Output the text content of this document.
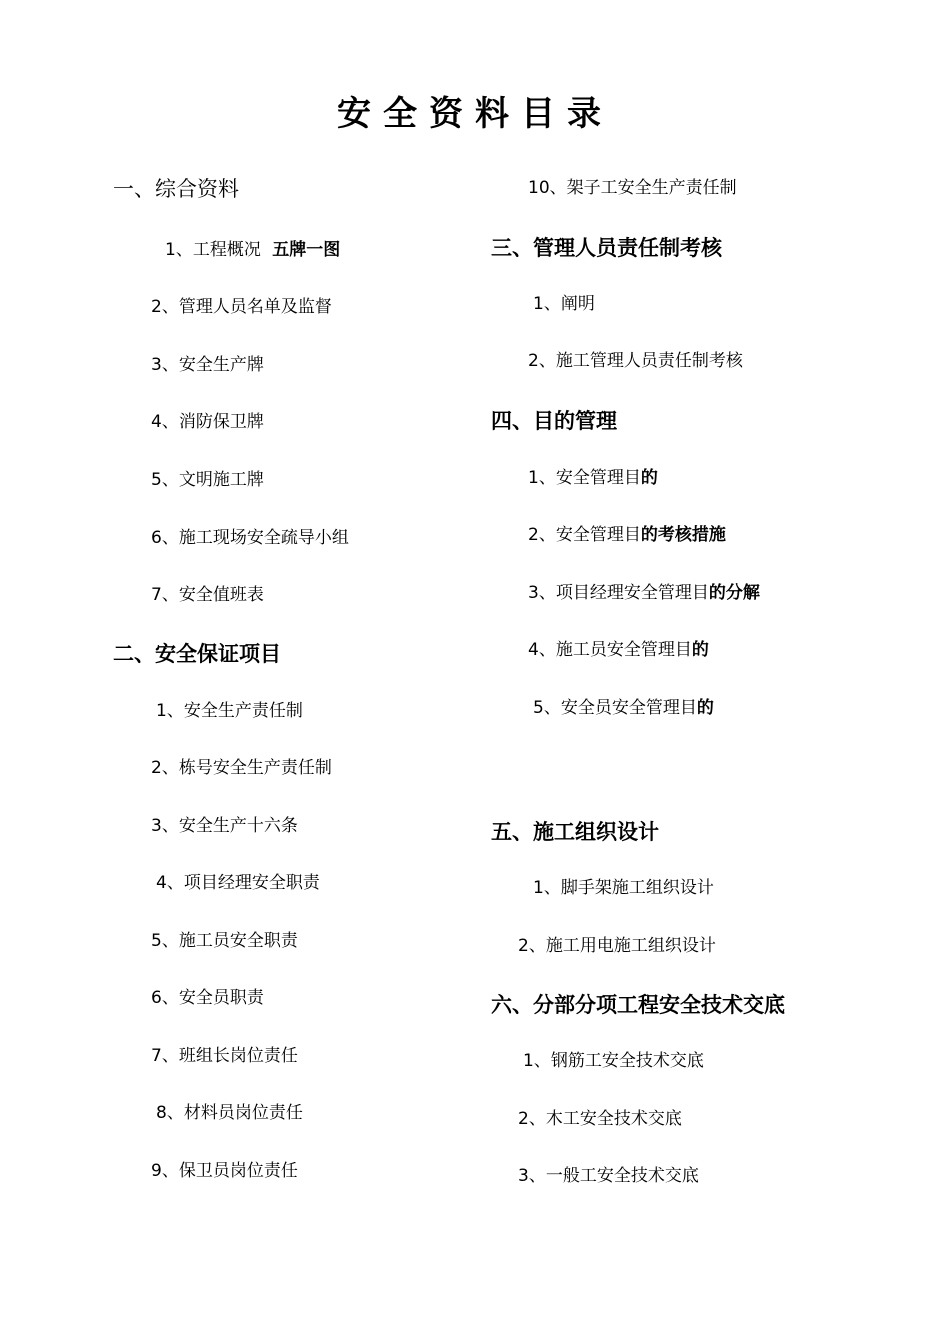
安全资料目录
一、综合资料
1、工程概况 五牌一图
2、管理人员名单及监督
3、安全生产牌
4、消防保卫牌
5、文明施工牌
6、施工现场安全疏导小组
7、安全值班表
二、安全保证项目
1、安全生产责任制
2、栋号安全生产责任制
3、安全生产十六条
4、项目经理安全职责
5、施工员安全职责
6、安全员职责
7、班组长岗位责任
8、材料员岗位责任
9、保卫员岗位责任
10、架子工安全生产责任制
三、管理人员责任制考核
1、阐明
2、施工管理人员责任制考核
四、目的管理
1、安全管理目的
2、安全管理目的考核措施
3、项目经理安全管理目的分解
4、施工员安全管理目的
5、安全员安全管理目的
五、施工组织设计
1、脚手架施工组织设计
2、施工用电施工组织设计
六、分部分项工程安全技术交底
1、钢筋工安全技术交底
2、木工安全技术交底
3、一般工安全技术交底
